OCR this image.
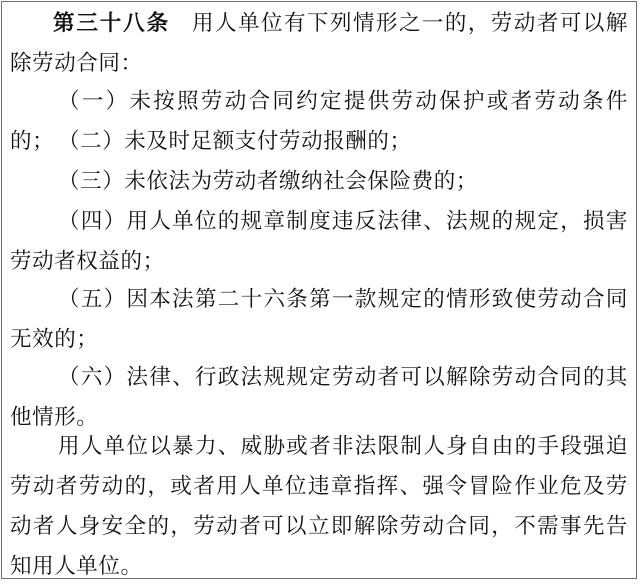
第三十八条 用人单位有下列情形之一的，劳动者可以解除劳动合同：

（一）未按照劳动合同约定提供劳动保护或者劳动条件的； （二）未及时足额支付劳动报酬的；

（三）未依法为劳动者缴纳社会保险费的；

（四）用人单位的规章制度违反法律、法规的规定，损害劳动者权益的；

（五）因本法第二十六条第一款规定的情形致使劳动合同无效的；

（六）法律、行政法规规定劳动者可以解除劳动合同的其他情形。

用人单位以暴力、威胁或者非法限制人身自由的手段强迫劳动者劳动的，或者用人单位违章指挥、强令冒险作业危及劳动者人身安全的，劳动者可以立即解除劳动合同，不需事先告知用人单位。
